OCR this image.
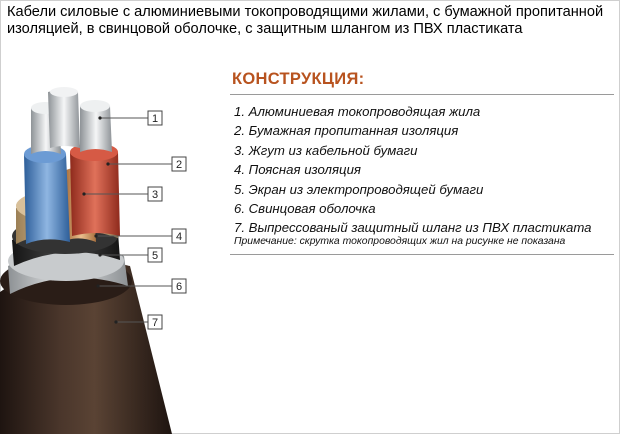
Кабели силовые с алюминиевыми токопроводящими жилами, с бумажной пропитанной изоляцией, в свинцовой оболочке, с защитным шлангом из ПВХ пластиката
КОНСТРУКЦИЯ:
1. Алюминиевая токопроводящая жила
2. Бумажная пропитанная изоляция
3. Жгут из кабельной бумаги
4. Поясная изоляция
5. Экран из электропроводящей бумаги
6. Свинцовая оболочка
7. Выпрессованый защитный шланг из ПВХ пластиката
Примечание: скрутка токопроводящих жил на рисунке не показана
1
2
3
4
5
6
7
